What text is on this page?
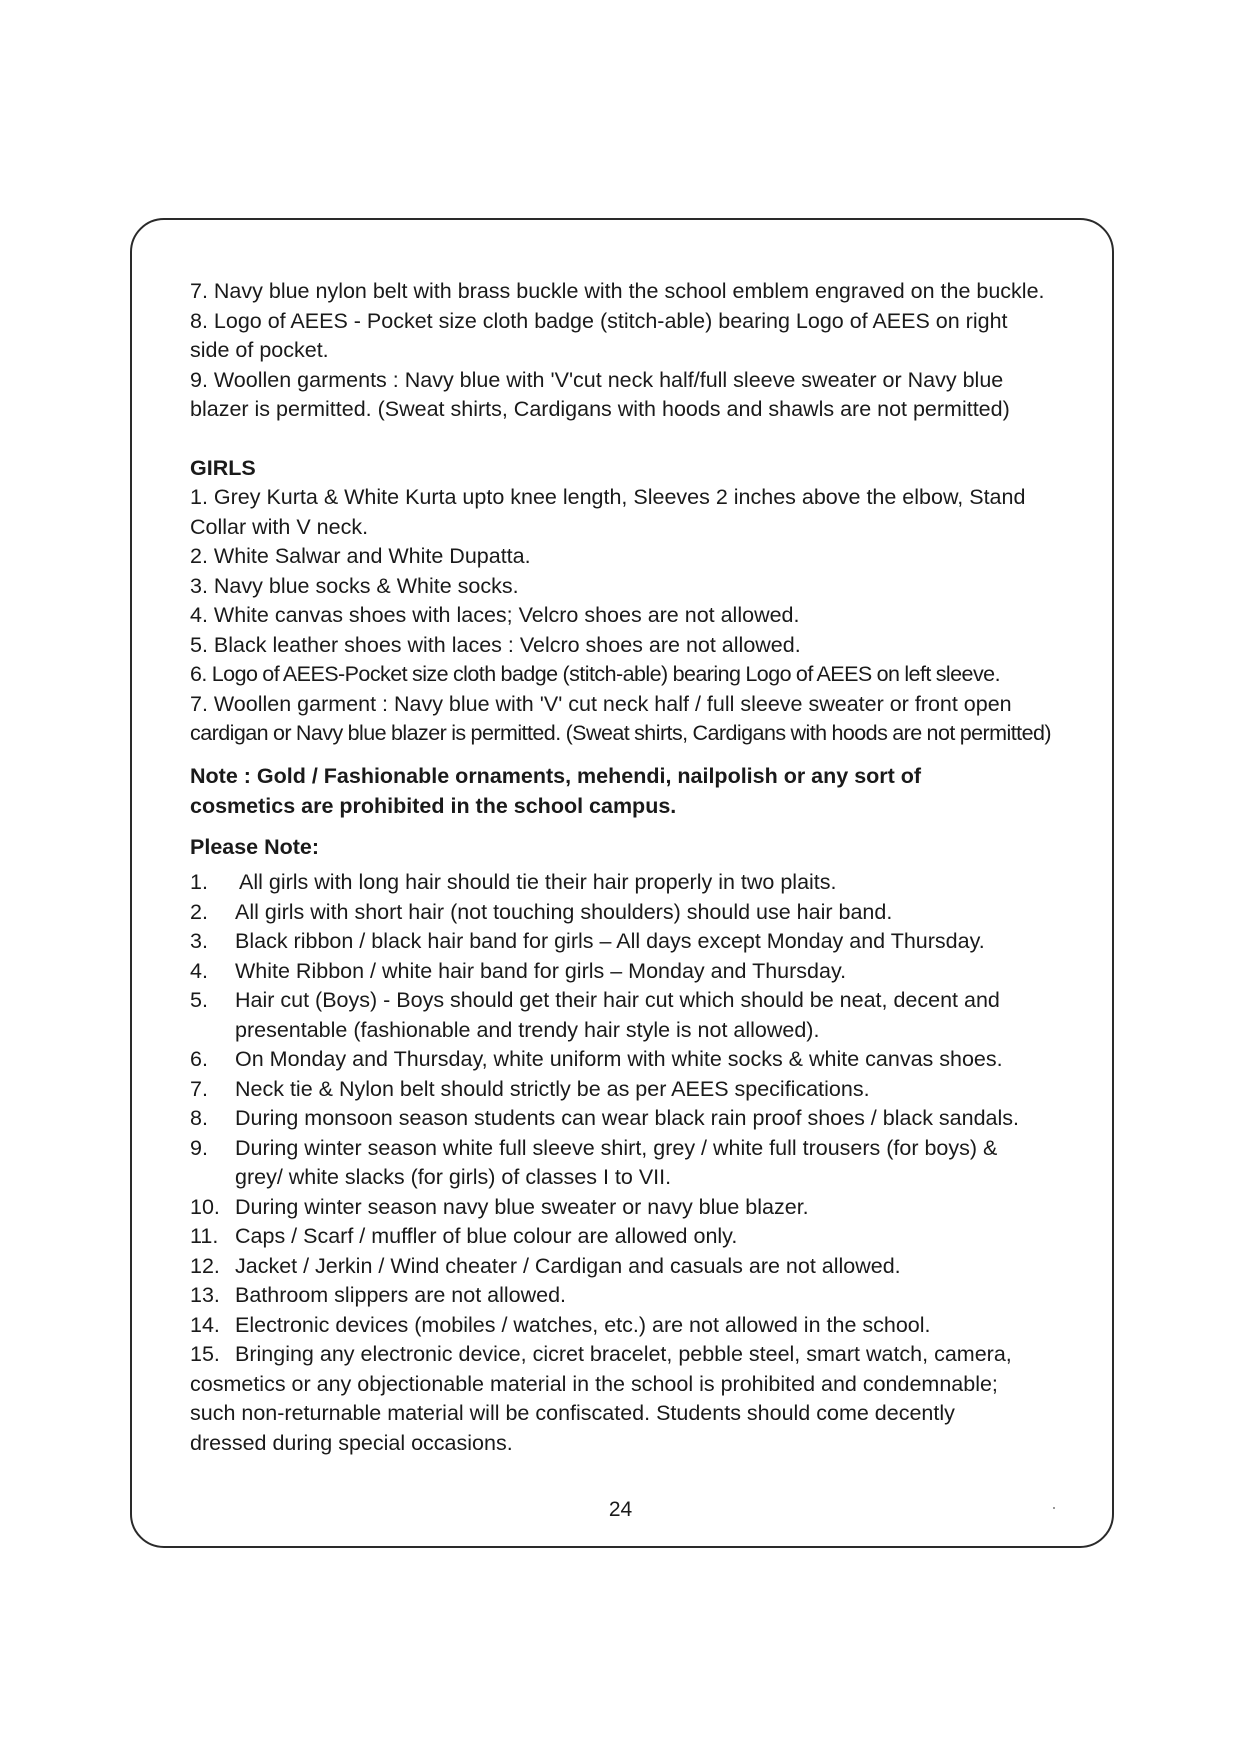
7. Navy blue nylon belt with brass buckle with the school emblem engraved on the buckle.
8. Logo of AEES - Pocket size cloth badge (stitch-able) bearing Logo of AEES on right
side of pocket.
9. Woollen garments : Navy blue with 'V'cut neck half/full sleeve sweater or Navy blue
blazer is permitted. (Sweat shirts, Cardigans with hoods and shawls are not permitted)
GIRLS
1. Grey Kurta & White Kurta upto knee length, Sleeves 2 inches above the elbow, Stand
Collar with V neck.
2. White Salwar and White Dupatta.
3. Navy blue socks & White socks.
4. White canvas shoes with laces; Velcro shoes are not allowed.
5. Black leather shoes with laces : Velcro shoes are not allowed.
6. Logo of AEES-Pocket size cloth badge (stitch-able) bearing Logo of AEES on left sleeve.
7. Woollen garment : Navy blue with 'V' cut neck half / full sleeve sweater or front open
cardigan or Navy blue blazer is permitted. (Sweat shirts, Cardigans with hoods are not permitted)
Note : Gold / Fashionable ornaments, mehendi, nailpolish or any sort of
cosmetics are prohibited in the school campus.
Please Note:
1.	All girls with long hair should tie their hair properly in two plaits.
2.	All girls with short hair (not touching shoulders) should use hair band.
3.	Black ribbon / black hair band for girls – All days except Monday and Thursday.
4.	White Ribbon / white hair band for girls – Monday and Thursday.
5.	Hair cut (Boys) - Boys should get their hair cut which should be neat, decent and
presentable (fashionable and trendy hair style is not allowed).
6.	On Monday and Thursday, white uniform with white socks & white canvas shoes.
7.	Neck tie & Nylon belt should strictly be as per AEES specifications.
8.	During monsoon season students can wear black rain proof shoes / black sandals.
9.	During winter season white full sleeve shirt, grey / white full trousers (for boys) &
grey/ white slacks (for girls) of classes I to VII.
10. During winter season navy blue sweater or navy blue blazer.
11. Caps / Scarf / muffler of blue colour are allowed only.
12. Jacket / Jerkin / Wind cheater / Cardigan and casuals are not allowed.
13. Bathroom slippers are not allowed.
14. Electronic devices (mobiles / watches, etc.) are not allowed in the school.
15. Bringing any electronic device, cicret bracelet, pebble steel, smart watch, camera,
cosmetics or any objectionable material in the school is prohibited and condemnable;
such non-returnable material will be confiscated. Students should come decently
dressed during special occasions.
24
